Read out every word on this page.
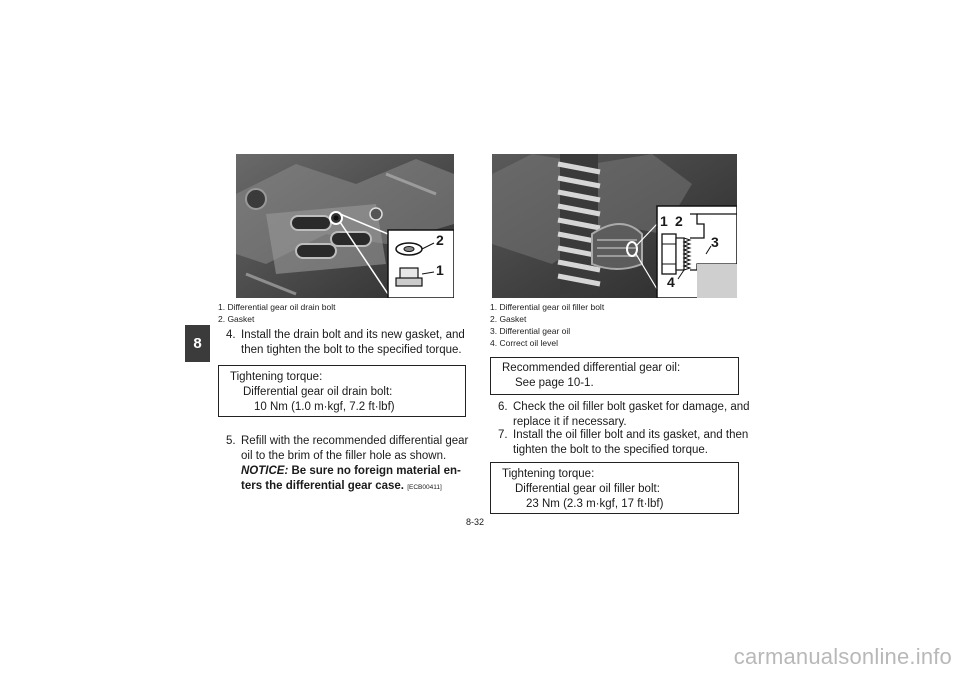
8
2
1
1. Differential gear oil drain bolt
2. Gasket
4. Install the drain bolt and its new gasket, and
then tighten the bolt to the specified torque.
Tightening torque:
Differential gear oil drain bolt:
10 Nm (1.0 m·kgf, 7.2 ft·lbf)
5. Refill with the recommended differential gear
oil to the brim of the filler hole as shown.
NOTICE: Be sure no foreign material en-
ters the differential gear case. [ECB00411]
1 2
3
4
1. Differential gear oil filler bolt
2. Gasket
3. Differential gear oil
4. Correct oil level
Recommended differential gear oil:
See page 10-1.
6. Check the oil filler bolt gasket for damage, and
replace it if necessary.
7. Install the oil filler bolt and its gasket, and then
tighten the bolt to the specified torque.
Tightening torque:
Differential gear oil filler bolt:
23 Nm (2.3 m·kgf, 17 ft·lbf)
8-32
carmanualsonline.info
